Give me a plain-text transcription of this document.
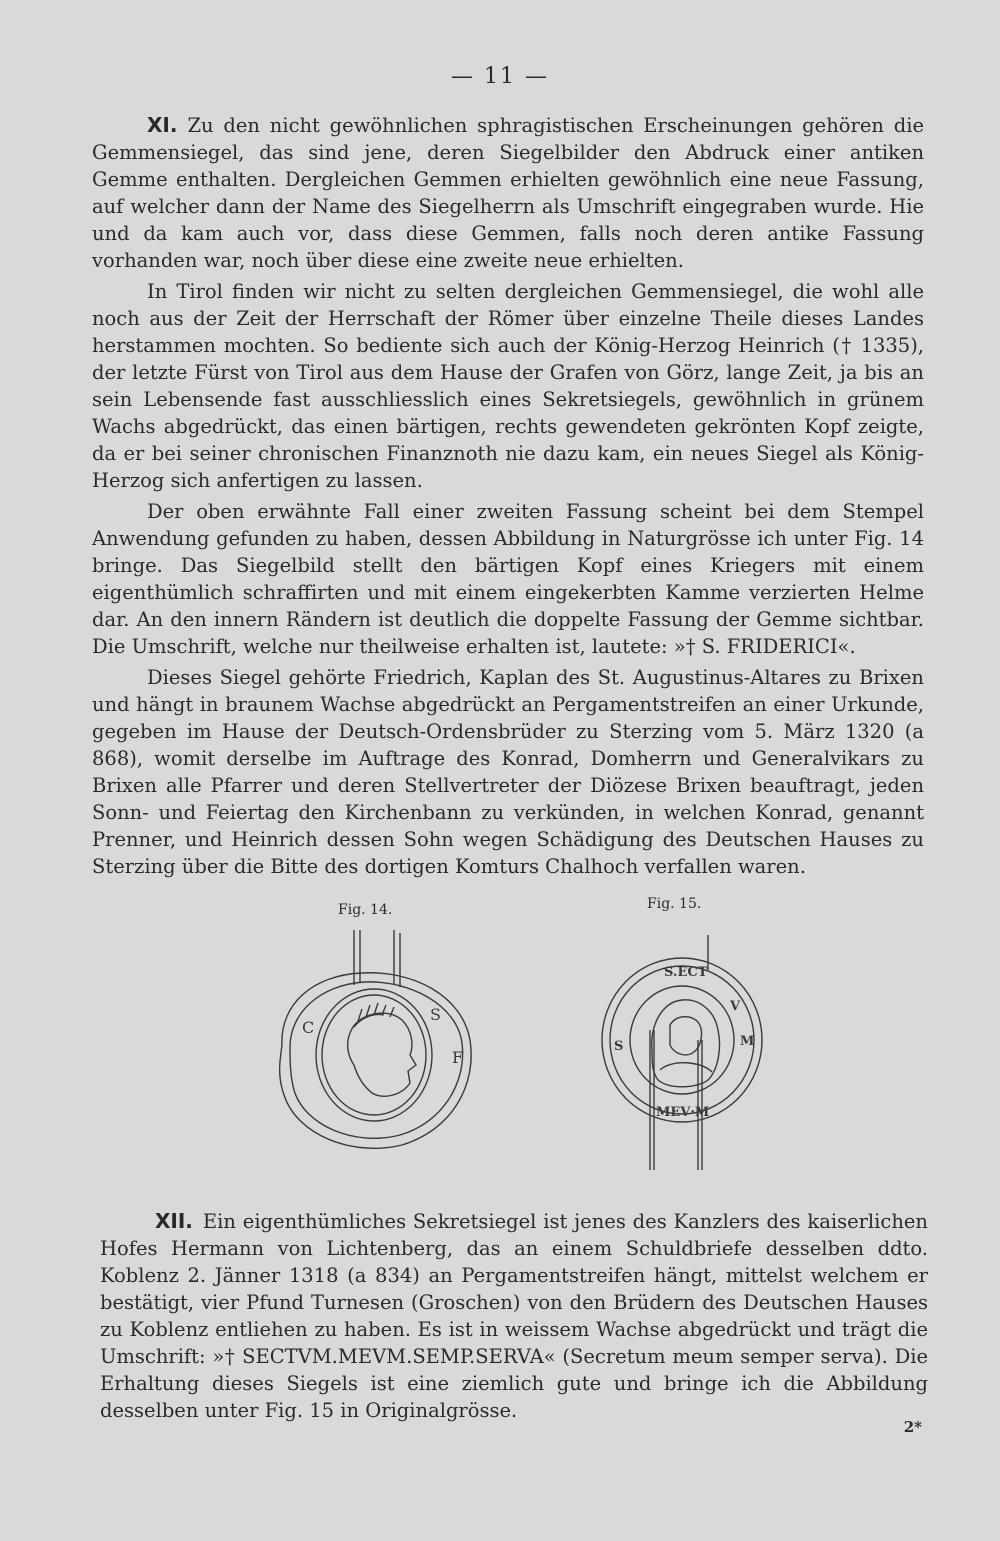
— 11 —

XI. Zu den nicht gewöhnlichen sphragistischen Erscheinungen gehören die Gemmensiegel, das sind jene, deren Siegelbilder den Abdruck einer antiken Gemme enthalten. Dergleichen Gemmen erhielten gewöhnlich eine neue Fassung, auf welcher dann der Name des Siegelherrn als Umschrift eingegraben wurde. Hie und da kam auch vor, dass diese Gemmen, falls noch deren antike Fassung vorhanden war, noch über diese eine zweite neue erhielten.

In Tirol finden wir nicht zu selten dergleichen Gemmensiegel, die wohl alle noch aus der Zeit der Herrschaft der Römer über einzelne Theile dieses Landes herstammen mochten. So bediente sich auch der König-Herzog Heinrich († 1335), der letzte Fürst von Tirol aus dem Hause der Grafen von Görz, lange Zeit, ja bis an sein Lebensende fast ausschliesslich eines Sekretsiegels, gewöhnlich in grünem Wachs abgedrückt, das einen bärtigen, rechts gewendeten gekrönten Kopf zeigte, da er bei seiner chronischen Finanznoth nie dazu kam, ein neues Siegel als König-Herzog sich anfertigen zu lassen.

Der oben erwähnte Fall einer zweiten Fassung scheint bei dem Stempel Anwendung gefunden zu haben, dessen Abbildung in Naturgrösse ich unter Fig. 14 bringe. Das Siegelbild stellt den bärtigen Kopf eines Kriegers mit einem eigenthümlich schraffirten und mit einem eingekerbten Kamme verzierten Helme dar. An den innern Rändern ist deutlich die doppelte Fassung der Gemme sichtbar. Die Umschrift, welche nur theilweise erhalten ist, lautete: »† S. FRIDERICI«.

Dieses Siegel gehörte Friedrich, Kaplan des St. Augustinus-Altares zu Brixen und hängt in braunem Wachse abgedrückt an Pergamentstreifen an einer Urkunde, gegeben im Hause der Deutsch-Ordensbrüder zu Sterzing vom 5. März 1320 (a 868), womit derselbe im Auftrage des Konrad, Domherrn und Generalvikars zu Brixen alle Pfarrer und deren Stellvertreter der Diözese Brixen beauftragt, jeden Sonn- und Feiertag den Kirchenbann zu verkünden, in welchen Konrad, genannt Prenner, und Heinrich dessen Sohn wegen Schädigung des Deutschen Hauses zu Sterzing über die Bitte des dortigen Komturs Chalhoch verfallen waren.

Fig. 14.	Fig. 15.
C
S
F
S.ECT
V
M
MEV·M
S

XII. Ein eigenthümliches Sekretsiegel ist jenes des Kanzlers des kaiserlichen Hofes Hermann von Lichtenberg, das an einem Schuldbriefe desselben ddto. Koblenz 2. Jänner 1318 (a 834) an Pergamentstreifen hängt, mittelst welchem er bestätigt, vier Pfund Turnesen (Groschen) von den Brüdern des Deutschen Hauses zu Koblenz entliehen zu haben. Es ist in weissem Wachse abgedrückt und trägt die Umschrift: »† SECTVM.MEVM.SEMP.SERVA« (Secretum meum semper serva). Die Erhaltung dieses Siegels ist eine ziemlich gute und bringe ich die Abbildung desselben unter Fig. 15 in Originalgrösse.

2*
